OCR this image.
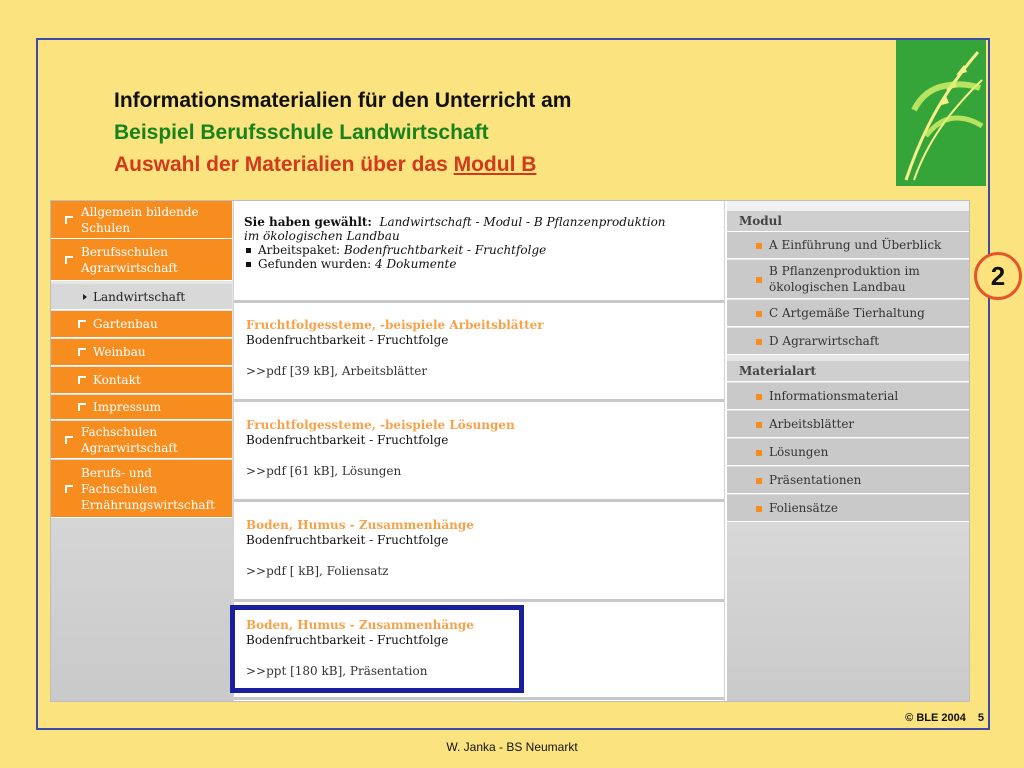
Informationsmaterialien für den Unterricht am
Beispiel Berufsschule Landwirtschaft
Auswahl der Materialien über das Modul B
Allgemein bildende
Schulen
Berufsschulen
Agrarwirtschaft
Landwirtschaft
Gartenbau
Weinbau
Kontakt
Impressum
Fachschulen
Agrarwirtschaft
Berufs- und
Fachschulen
Ernährungswirtschaft
Sie haben gewählt: Landwirtschaft - Modul - B Pflanzenproduktion
im ökologischen Landbau
Arbeitspaket: Bodenfruchtbarkeit - Fruchtfolge
Gefunden wurden: 4 Dokumente
Fruchtfolgessteme, -beispiele Arbeitsblätter
Bodenfruchtbarkeit - Fruchtfolge
>>pdf [39 kB], Arbeitsblätter
Fruchtfolgessteme, -beispiele Lösungen
Bodenfruchtbarkeit - Fruchtfolge
>>pdf [61 kB], Lösungen
Boden, Humus - Zusammenhänge
Bodenfruchtbarkeit - Fruchtfolge
>>pdf [ kB], Foliensatz
Boden, Humus - Zusammenhänge
Bodenfruchtbarkeit - Fruchtfolge
>>ppt [180 kB], Präsentation
Modul
A Einführung und Überblick
B Pflanzenproduktion im
ökologischen Landbau
C Artgemäße Tierhaltung
D Agrarwirtschaft
Materialart
Informationsmaterial
Arbeitsblätter
Lösungen
Präsentationen
Foliensätze
2
© BLE 2004 5
W. Janka - BS Neumarkt
